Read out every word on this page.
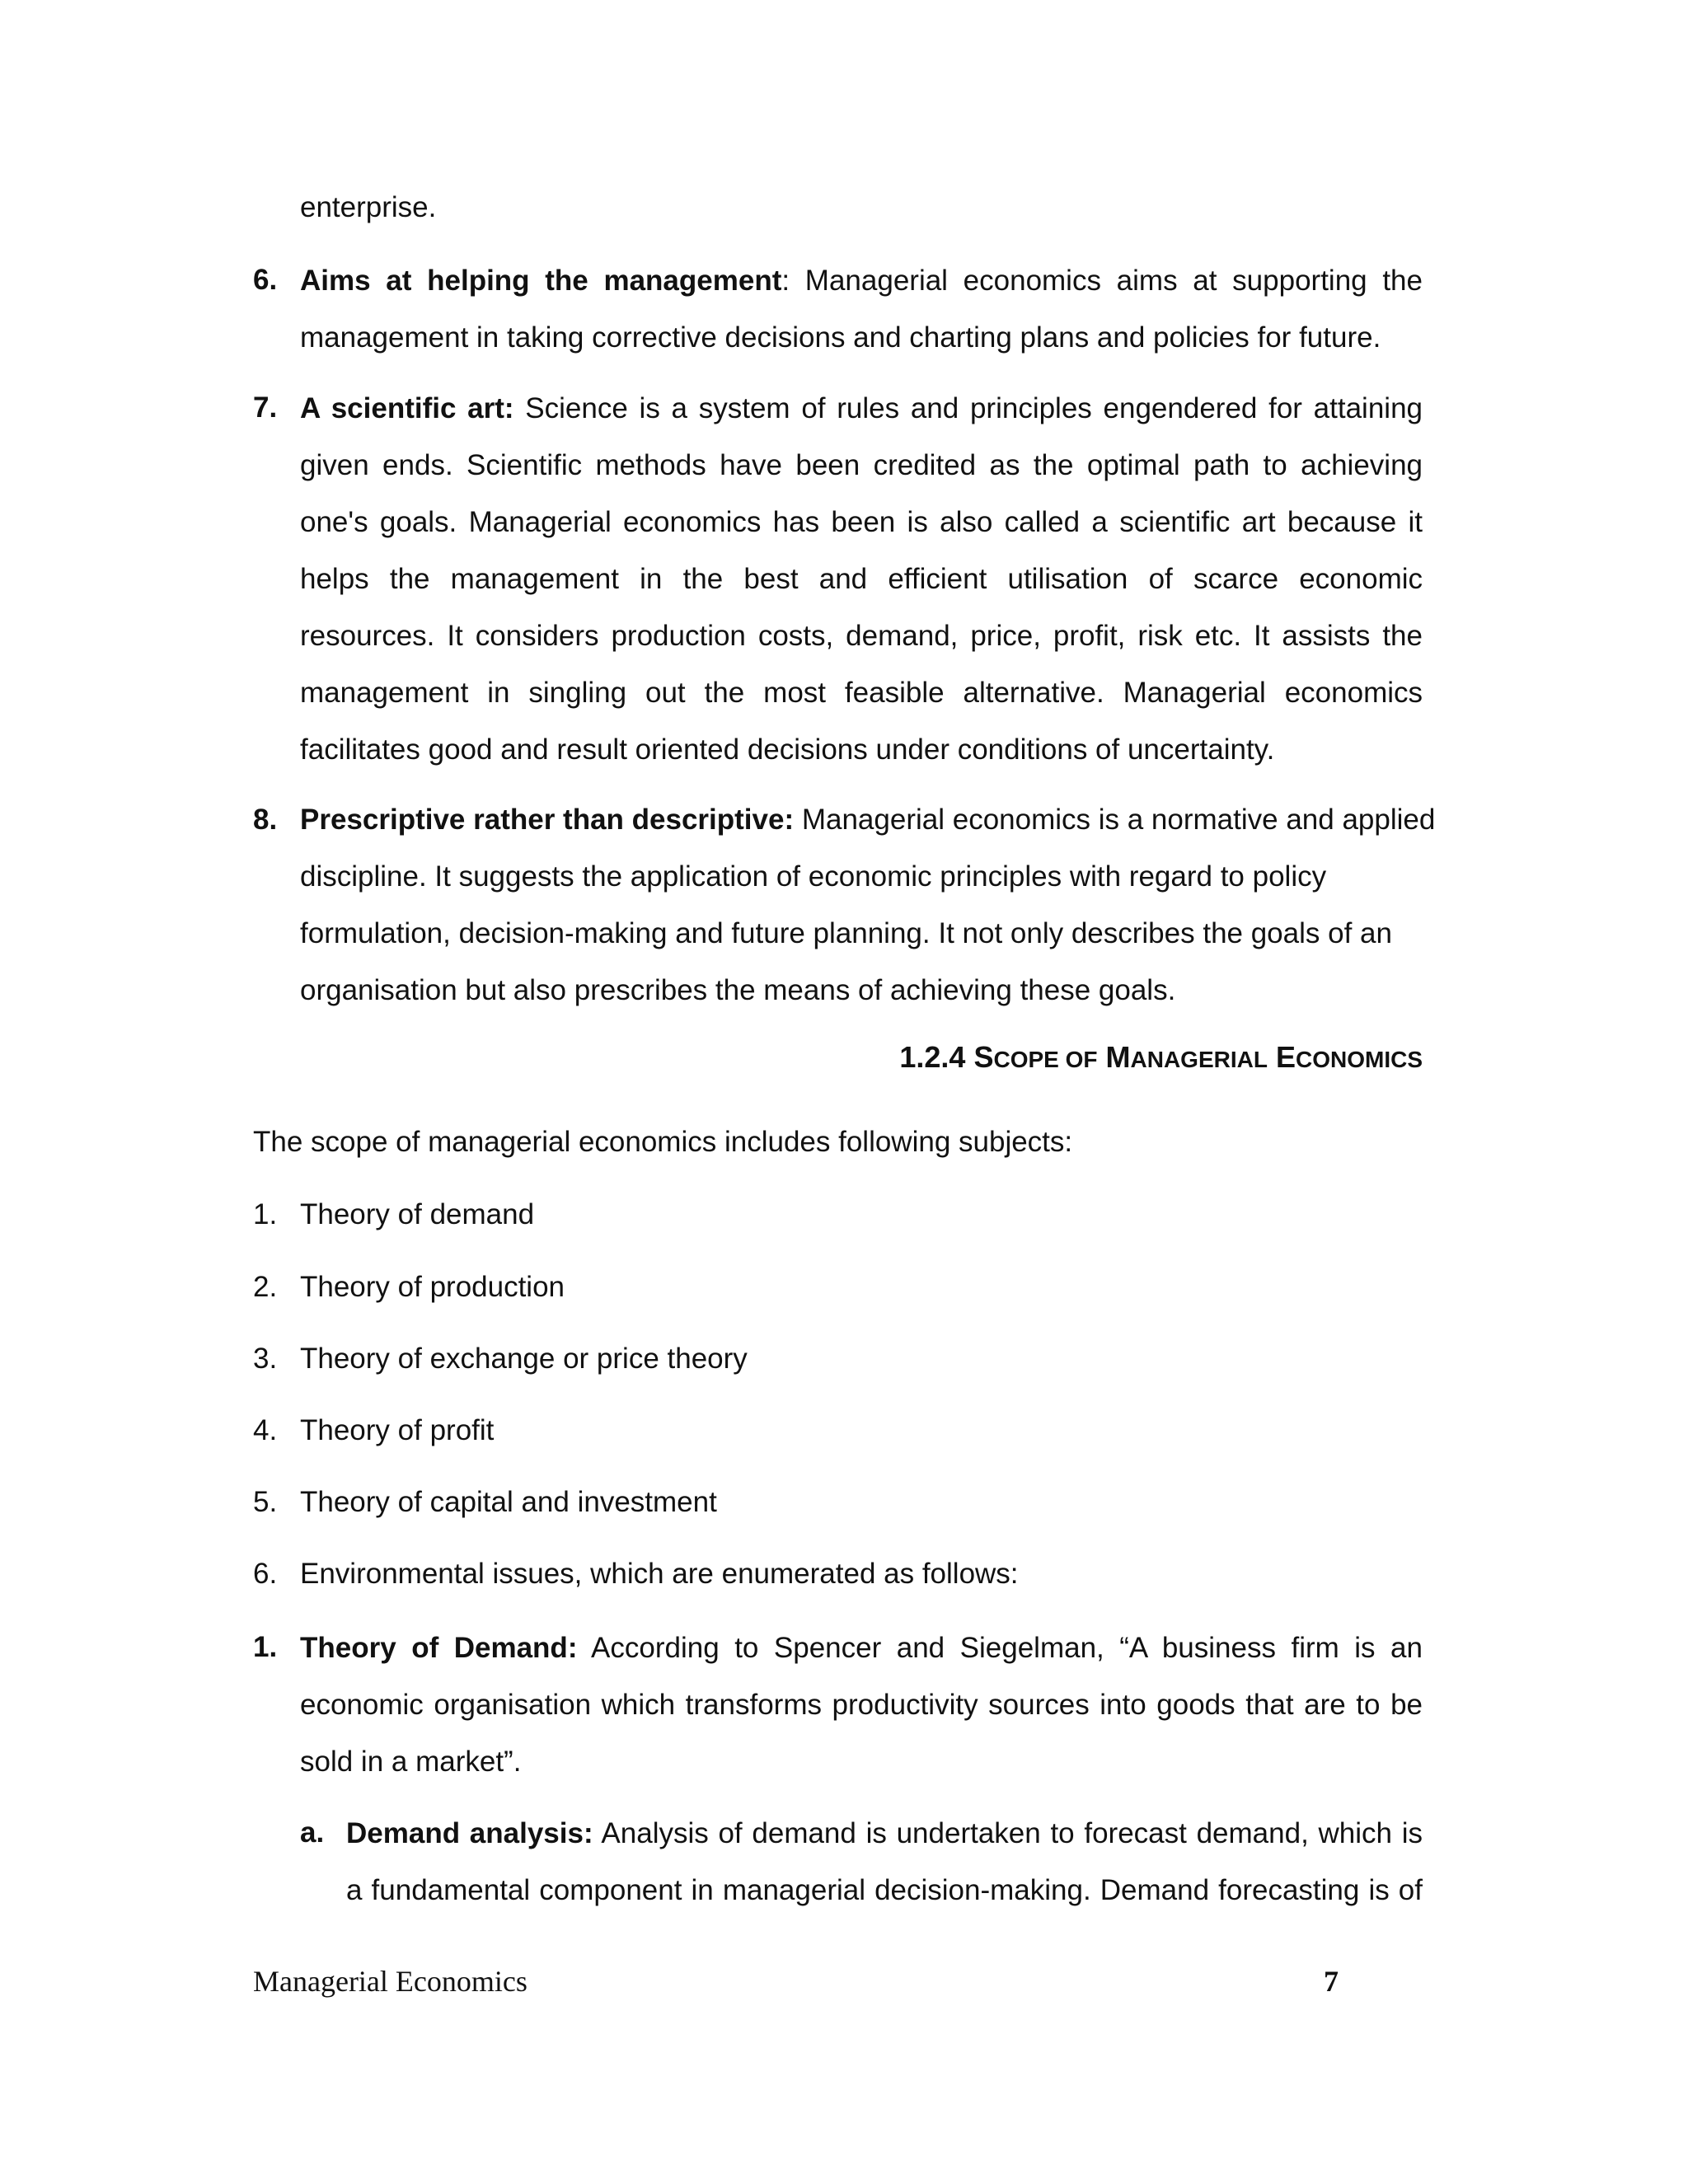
enterprise.
6. Aims at helping the management: Managerial economics aims at supporting the management in taking corrective decisions and charting plans and policies for future.
7. A scientific art: Science is a system of rules and principles engendered for attaining given ends. Scientific methods have been credited as the optimal path to achieving one's goals. Managerial economics has been is also called a scientific art because it helps the management in the best and efficient utilisation of scarce economic resources. It considers production costs, demand, price, profit, risk etc. It assists the management in singling out the most feasible alternative. Managerial economics facilitates good and result oriented decisions under conditions of uncertainty.
8. Prescriptive rather than descriptive: Managerial economics is a normative and applied
discipline. It suggests the application of economic principles with regard to policy
formulation, decision-making and future planning. It not only describes the goals of an
organisation but also prescribes the means of achieving these goals.
1.2.4 SCOPE OF MANAGERIAL ECONOMICS
The scope of managerial economics includes following subjects:
1. Theory of demand
2. Theory of production
3. Theory of exchange or price theory
4. Theory of profit
5. Theory of capital and investment
6. Environmental issues, which are enumerated as follows:
1. Theory of Demand: According to Spencer and Siegelman, “A business firm is an economic organisation which transforms productivity sources into goods that are to be sold in a market”.
a. Demand analysis: Analysis of demand is undertaken to forecast demand, which is a fundamental component in managerial decision-making. Demand forecasting is of
Managerial Economics	7
